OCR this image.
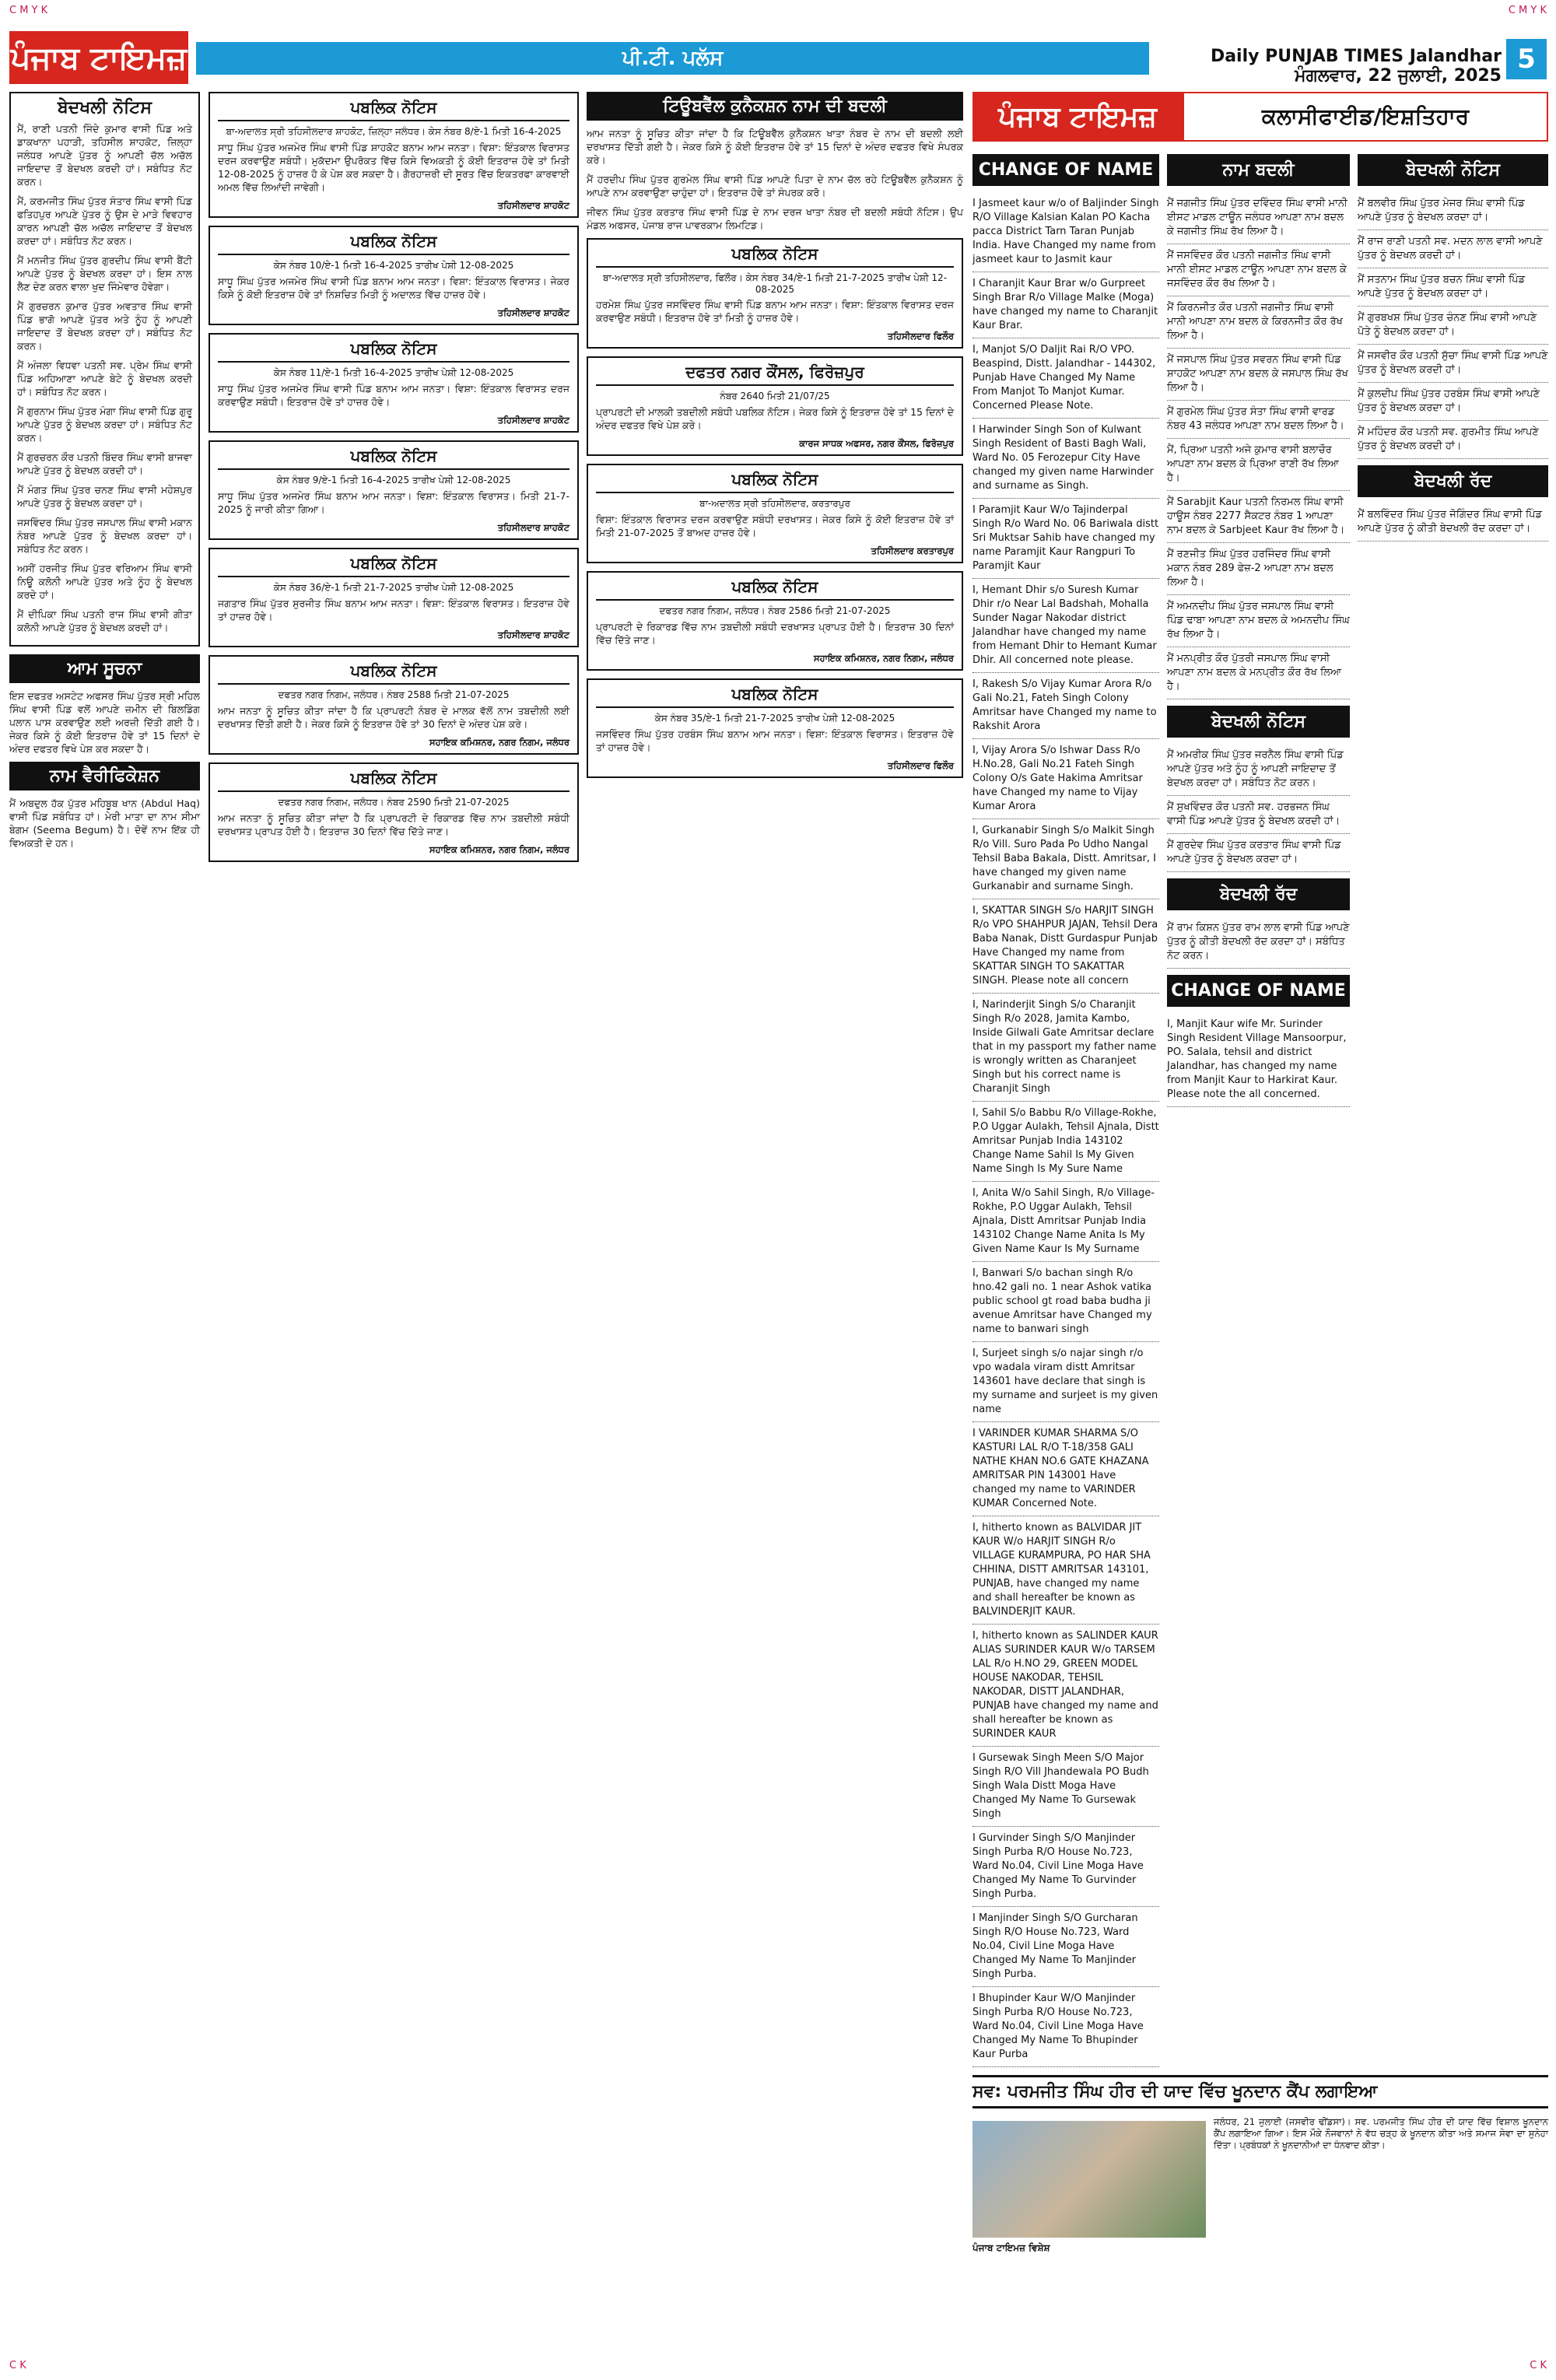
C M Y K	C M Y K
ਪੰਜਾਬ ਟਾਇਮਜ਼	ਪੀ.ਟੀ. ਪਲੱਸ	Daily PUNJAB TIMES Jalandhar ਮੰਗਲਵਾਰ, 22 ਜੁਲਾਈ, 2025
5
ਬੇਦਖਲੀ ਨੋਟਿਸ

ਮੈਂ, ਰਾਣੀ ਪਤਨੀ ਜਿੰਦੇ ਕੁਮਾਰ ਵਾਸੀ ਪਿੰਡ ਅਤੇ ਡਾਕਖਾਨਾ ਪਹਾੜੀ, ਤਹਿਸੀਲ ਸ਼ਾਹਕੋਟ, ਜ਼ਿਲ੍ਹਾ ਜਲੰਧਰ ਆਪਣੇ ਪੁੱਤਰ ਨੂੰ ਆਪਣੀ ਚੱਲ ਅਚੱਲ ਜਾਇਦਾਦ ਤੋਂ ਬੇਦਖਲ ਕਰਦੀ ਹਾਂ। ਸਬੰਧਿਤ ਨੋਟ ਕਰਨ।

ਮੈਂ, ਕਰਮਜੀਤ ਸਿੰਘ ਪੁੱਤਰ ਸੰਤਾਰ ਸਿੰਘ ਵਾਸੀ ਪਿੰਡ ਫਤਿਹਪੁਰ ਆਪਣੇ ਪੁੱਤਰ ਨੂੰ ਉਸ ਦੇ ਮਾੜੇ ਵਿਵਹਾਰ ਕਾਰਨ ਆਪਣੀ ਚੱਲ ਅਚੱਲ ਜਾਇਦਾਦ ਤੋਂ ਬੇਦਖਲ ਕਰਦਾ ਹਾਂ। ਸਬੰਧਿਤ ਨੋਟ ਕਰਨ।

ਮੈਂ ਮਨਜੀਤ ਸਿੰਘ ਪੁੱਤਰ ਗੁਰਦੀਪ ਸਿੰਘ ਵਾਸੀ ਬੈਂਟੀ ਆਪਣੇ ਪੁੱਤਰ ਨੂੰ ਬੇਦਖਲ ਕਰਦਾ ਹਾਂ। ਇਸ ਨਾਲ ਲੈਣ ਦੇਣ ਕਰਨ ਵਾਲਾ ਖੁਦ ਜਿੰਮੇਵਾਰ ਹੋਵੇਗਾ।

ਮੈਂ ਗੁਰਚਰਨ ਕੁਮਾਰ ਪੁੱਤਰ ਅਵਤਾਰ ਸਿੰਘ ਵਾਸੀ ਪਿੰਡ ਭਾਗੋ ਆਪਣੇ ਪੁੱਤਰ ਅਤੇ ਨੂੰਹ ਨੂੰ ਆਪਣੀ ਜਾਇਦਾਦ ਤੋਂ ਬੇਦਖਲ ਕਰਦਾ ਹਾਂ। ਸਬੰਧਿਤ ਨੋਟ ਕਰਨ।

ਮੈਂ ਅੰਜਲਾ ਵਿਧਵਾ ਪਤਨੀ ਸਵ. ਪ੍ਰੇਮ ਸਿੰਘ ਵਾਸੀ ਪਿੰਡ ਅਹਿਆਣਾ ਆਪਣੇ ਬੇਟੇ ਨੂੰ ਬੇਦਖਲ ਕਰਦੀ ਹਾਂ। ਸਬੰਧਿਤ ਨੋਟ ਕਰਨ।

ਮੈਂ ਗੁਰਨਾਮ ਸਿੰਘ ਪੁੱਤਰ ਮੰਗਾ ਸਿੰਘ ਵਾਸੀ ਪਿੰਡ ਗੁਰੂ ਆਪਣੇ ਪੁੱਤਰ ਨੂੰ ਬੇਦਖਲ ਕਰਦਾ ਹਾਂ। ਸਬੰਧਿਤ ਨੋਟ ਕਰਨ।

ਮੈਂ ਗੁਰਚਰਨ ਕੌਰ ਪਤਨੀ ਬਿੰਦਰ ਸਿੰਘ ਵਾਸੀ ਬਾਜਵਾ ਆਪਣੇ ਪੁੱਤਰ ਨੂੰ ਬੇਦਖਲ ਕਰਦੀ ਹਾਂ।

ਮੈਂ ਮੰਗਤ ਸਿੰਘ ਪੁੱਤਰ ਚਨਣ ਸਿੰਘ ਵਾਸੀ ਮਹੇਸ਼ਪੁਰ ਆਪਣੇ ਪੁੱਤਰ ਨੂੰ ਬੇਦਖਲ ਕਰਦਾ ਹਾਂ।

ਜਸਵਿੰਦਰ ਸਿੰਘ ਪੁੱਤਰ ਜਸਪਾਲ ਸਿੰਘ ਵਾਸੀ ਮਕਾਨ ਨੰਬਰ ਆਪਣੇ ਪੁੱਤਰ ਨੂੰ ਬੇਦਖਲ ਕਰਦਾ ਹਾਂ। ਸਬੰਧਿਤ ਨੋਟ ਕਰਨ।

ਅਸੀਂ ਹਰਜੀਤ ਸਿੰਘ ਪੁੱਤਰ ਵਰਿਆਮ ਸਿੰਘ ਵਾਸੀ ਨਿਊ ਕਲੋਨੀ ਆਪਣੇ ਪੁੱਤਰ ਅਤੇ ਨੂੰਹ ਨੂੰ ਬੇਦਖਲ ਕਰਦੇ ਹਾਂ।

ਮੈਂ ਦੀਪਿਕਾ ਸਿੰਘ ਪਤਨੀ ਰਾਜ ਸਿੰਘ ਵਾਸੀ ਗੀਤਾ ਕਲੋਨੀ ਆਪਣੇ ਪੁੱਤਰ ਨੂੰ ਬੇਦਖਲ ਕਰਦੀ ਹਾਂ।

ਆਮ ਸੂਚਨਾ

ਇਸ ਦਫਤਰ ਅਸਟੇਟ ਅਫਸਰ ਸਿੰਘ ਪੁੱਤਰ ਸ੍ਰੀ ਮਹਿਲ ਸਿੰਘ ਵਾਸੀ ਪਿੰਡ ਵਲੋਂ ਆਪਣੇ ਜ਼ਮੀਨ ਦੀ ਬਿਲਡਿੰਗ ਪਲਾਨ ਪਾਸ ਕਰਵਾਉਣ ਲਈ ਅਰਜ਼ੀ ਦਿੱਤੀ ਗਈ ਹੈ। ਜੇਕਰ ਕਿਸੇ ਨੂੰ ਕੋਈ ਇਤਰਾਜ਼ ਹੋਵੇ ਤਾਂ 15 ਦਿਨਾਂ ਦੇ ਅੰਦਰ ਦਫਤਰ ਵਿਖੇ ਪੇਸ਼ ਕਰ ਸਕਦਾ ਹੈ।

ਨਾਮ ਵੈਰੀਫਿਕੇਸ਼ਨ

ਮੈਂ ਅਬਦੁਲ ਹੱਕ ਪੁੱਤਰ ਮਹਿਬੂਬ ਖਾਨ (Abdul Haq) ਵਾਸੀ ਪਿੰਡ ਸਬੰਧਿਤ ਹਾਂ। ਮੇਰੀ ਮਾਤਾ ਦਾ ਨਾਮ ਸੀਮਾ ਬੇਗਮ (Seema Begum) ਹੈ। ਦੋਵੇਂ ਨਾਮ ਇੱਕ ਹੀ ਵਿਅਕਤੀ ਦੇ ਹਨ।

ਪਬਲਿਕ ਨੋਟਿਸ
ਬਾ-ਅਦਾਲਤ ਸ੍ਰੀ ਤਹਿਸੀਲਦਾਰ ਸ਼ਾਹਕੋਟ, ਜ਼ਿਲ੍ਹਾ ਜਲੰਧਰ। ਕੇਸ ਨੰਬਰ 8/ਏ-1 ਮਿਤੀ 16-4-2025

ਸਾਧੂ ਸਿੰਘ ਪੁੱਤਰ ਅਜਮੇਰ ਸਿੰਘ ਵਾਸੀ ਪਿੰਡ ਸ਼ਾਹਕੋਟ ਬਨਾਮ ਆਮ ਜਨਤਾ। ਵਿਸ਼ਾ: ਇੰਤਕਾਲ ਵਿਰਾਸਤ ਦਰਜ ਕਰਵਾਉਣ ਸਬੰਧੀ। ਮੁਕੱਦਮਾ ਉਪਰੋਕਤ ਵਿੱਚ ਕਿਸੇ ਵਿਅਕਤੀ ਨੂੰ ਕੋਈ ਇਤਰਾਜ਼ ਹੋਵੇ ਤਾਂ ਮਿਤੀ 12-08-2025 ਨੂੰ ਹਾਜ਼ਰ ਹੋ ਕੇ ਪੇਸ਼ ਕਰ ਸਕਦਾ ਹੈ। ਗੈਰਹਾਜ਼ਰੀ ਦੀ ਸੂਰਤ ਵਿੱਚ ਇਕਤਰਫਾ ਕਾਰਵਾਈ ਅਮਲ ਵਿੱਚ ਲਿਆਂਦੀ ਜਾਵੇਗੀ।

ਤਹਿਸੀਲਦਾਰ ਸ਼ਾਹਕੋਟ
ਪਬਲਿਕ ਨੋਟਿਸ
ਕੇਸ ਨੰਬਰ 10/ਏ-1 ਮਿਤੀ 16-4-2025 ਤਾਰੀਖ ਪੇਸ਼ੀ 12-08-2025

ਸਾਧੂ ਸਿੰਘ ਪੁੱਤਰ ਅਜਮੇਰ ਸਿੰਘ ਵਾਸੀ ਪਿੰਡ ਬਨਾਮ ਆਮ ਜਨਤਾ। ਵਿਸ਼ਾ: ਇੰਤਕਾਲ ਵਿਰਾਸਤ। ਜੇਕਰ ਕਿਸੇ ਨੂੰ ਕੋਈ ਇਤਰਾਜ਼ ਹੋਵੇ ਤਾਂ ਨਿਸ਼ਚਿਤ ਮਿਤੀ ਨੂੰ ਅਦਾਲਤ ਵਿੱਚ ਹਾਜ਼ਰ ਹੋਵੇ।

ਤਹਿਸੀਲਦਾਰ ਸ਼ਾਹਕੋਟ
ਪਬਲਿਕ ਨੋਟਿਸ
ਕੇਸ ਨੰਬਰ 11/ਏ-1 ਮਿਤੀ 16-4-2025 ਤਾਰੀਖ ਪੇਸ਼ੀ 12-08-2025

ਸਾਧੂ ਸਿੰਘ ਪੁੱਤਰ ਅਜਮੇਰ ਸਿੰਘ ਵਾਸੀ ਪਿੰਡ ਬਨਾਮ ਆਮ ਜਨਤਾ। ਵਿਸ਼ਾ: ਇੰਤਕਾਲ ਵਿਰਾਸਤ ਦਰਜ ਕਰਵਾਉਣ ਸਬੰਧੀ। ਇਤਰਾਜ਼ ਹੋਵੇ ਤਾਂ ਹਾਜ਼ਰ ਹੋਵੇ।

ਤਹਿਸੀਲਦਾਰ ਸ਼ਾਹਕੋਟ
ਪਬਲਿਕ ਨੋਟਿਸ
ਕੇਸ ਨੰਬਰ 9/ਏ-1 ਮਿਤੀ 16-4-2025 ਤਾਰੀਖ ਪੇਸ਼ੀ 12-08-2025

ਸਾਧੂ ਸਿੰਘ ਪੁੱਤਰ ਅਜਮੇਰ ਸਿੰਘ ਬਨਾਮ ਆਮ ਜਨਤਾ। ਵਿਸ਼ਾ: ਇੰਤਕਾਲ ਵਿਰਾਸਤ। ਮਿਤੀ 21-7-2025 ਨੂੰ ਜਾਰੀ ਕੀਤਾ ਗਿਆ।

ਤਹਿਸੀਲਦਾਰ ਸ਼ਾਹਕੋਟ
ਪਬਲਿਕ ਨੋਟਿਸ
ਕੇਸ ਨੰਬਰ 36/ਏ-1 ਮਿਤੀ 21-7-2025 ਤਾਰੀਖ ਪੇਸ਼ੀ 12-08-2025

ਜਗਤਾਰ ਸਿੰਘ ਪੁੱਤਰ ਸੁਰਜੀਤ ਸਿੰਘ ਬਨਾਮ ਆਮ ਜਨਤਾ। ਵਿਸ਼ਾ: ਇੰਤਕਾਲ ਵਿਰਾਸਤ। ਇਤਰਾਜ਼ ਹੋਵੇ ਤਾਂ ਹਾਜ਼ਰ ਹੋਵੇ।

ਤਹਿਸੀਲਦਾਰ ਸ਼ਾਹਕੋਟ
ਪਬਲਿਕ ਨੋਟਿਸ
ਦਫਤਰ ਨਗਰ ਨਿਗਮ, ਜਲੰਧਰ। ਨੰਬਰ 2588 ਮਿਤੀ 21-07-2025

ਆਮ ਜਨਤਾ ਨੂੰ ਸੂਚਿਤ ਕੀਤਾ ਜਾਂਦਾ ਹੈ ਕਿ ਪ੍ਰਾਪਰਟੀ ਨੰਬਰ ਦੇ ਮਾਲਕ ਵੱਲੋਂ ਨਾਮ ਤਬਦੀਲੀ ਲਈ ਦਰਖਾਸਤ ਦਿੱਤੀ ਗਈ ਹੈ। ਜੇਕਰ ਕਿਸੇ ਨੂੰ ਇਤਰਾਜ਼ ਹੋਵੇ ਤਾਂ 30 ਦਿਨਾਂ ਦੇ ਅੰਦਰ ਪੇਸ਼ ਕਰੇ।

ਸਹਾਇਕ ਕਮਿਸ਼ਨਰ, ਨਗਰ ਨਿਗਮ, ਜਲੰਧਰ
ਪਬਲਿਕ ਨੋਟਿਸ
ਦਫਤਰ ਨਗਰ ਨਿਗਮ, ਜਲੰਧਰ। ਨੰਬਰ 2590 ਮਿਤੀ 21-07-2025

ਆਮ ਜਨਤਾ ਨੂੰ ਸੂਚਿਤ ਕੀਤਾ ਜਾਂਦਾ ਹੈ ਕਿ ਪ੍ਰਾਪਰਟੀ ਦੇ ਰਿਕਾਰਡ ਵਿੱਚ ਨਾਮ ਤਬਦੀਲੀ ਸਬੰਧੀ ਦਰਖਾਸਤ ਪ੍ਰਾਪਤ ਹੋਈ ਹੈ। ਇਤਰਾਜ਼ 30 ਦਿਨਾਂ ਵਿੱਚ ਦਿੱਤੇ ਜਾਣ।

ਸਹਾਇਕ ਕਮਿਸ਼ਨਰ, ਨਗਰ ਨਿਗਮ, ਜਲੰਧਰ
ਟਿਊਬਵੈੱਲ ਕੁਨੈਕਸ਼ਨ ਨਾਮ ਦੀ ਬਦਲੀ

ਆਮ ਜਨਤਾ ਨੂੰ ਸੂਚਿਤ ਕੀਤਾ ਜਾਂਦਾ ਹੈ ਕਿ ਟਿਊਬਵੈੱਲ ਕੁਨੈਕਸ਼ਨ ਖਾਤਾ ਨੰਬਰ ਦੇ ਨਾਮ ਦੀ ਬਦਲੀ ਲਈ ਦਰਖਾਸਤ ਦਿੱਤੀ ਗਈ ਹੈ। ਜੇਕਰ ਕਿਸੇ ਨੂੰ ਕੋਈ ਇਤਰਾਜ਼ ਹੋਵੇ ਤਾਂ 15 ਦਿਨਾਂ ਦੇ ਅੰਦਰ ਦਫਤਰ ਵਿਖੇ ਸੰਪਰਕ ਕਰੇ।

ਮੈਂ ਹਰਦੀਪ ਸਿੰਘ ਪੁੱਤਰ ਗੁਰਮੇਲ ਸਿੰਘ ਵਾਸੀ ਪਿੰਡ ਆਪਣੇ ਪਿਤਾ ਦੇ ਨਾਮ ਚੱਲ ਰਹੇ ਟਿਊਬਵੈੱਲ ਕੁਨੈਕਸ਼ਨ ਨੂੰ ਆਪਣੇ ਨਾਮ ਕਰਵਾਉਣਾ ਚਾਹੁੰਦਾ ਹਾਂ। ਇਤਰਾਜ਼ ਹੋਵੇ ਤਾਂ ਸੰਪਰਕ ਕਰੋ।

ਜੀਵਨ ਸਿੰਘ ਪੁੱਤਰ ਕਰਤਾਰ ਸਿੰਘ ਵਾਸੀ ਪਿੰਡ ਦੇ ਨਾਮ ਦਰਜ ਖਾਤਾ ਨੰਬਰ ਦੀ ਬਦਲੀ ਸਬੰਧੀ ਨੋਟਿਸ। ਉਪ ਮੰਡਲ ਅਫਸਰ, ਪੰਜਾਬ ਰਾਜ ਪਾਵਰਕਾਮ ਲਿਮਟਿਡ।

ਪਬਲਿਕ ਨੋਟਿਸ
ਬਾ-ਅਦਾਲਤ ਸ੍ਰੀ ਤਹਿਸੀਲਦਾਰ, ਫਿਲੌਰ। ਕੇਸ ਨੰਬਰ 34/ਏ-1 ਮਿਤੀ 21-7-2025 ਤਾਰੀਖ ਪੇਸ਼ੀ 12-08-2025

ਹਰਮੇਸ਼ ਸਿੰਘ ਪੁੱਤਰ ਜਸਵਿੰਦਰ ਸਿੰਘ ਵਾਸੀ ਪਿੰਡ ਬਨਾਮ ਆਮ ਜਨਤਾ। ਵਿਸ਼ਾ: ਇੰਤਕਾਲ ਵਿਰਾਸਤ ਦਰਜ ਕਰਵਾਉਣ ਸਬੰਧੀ। ਇਤਰਾਜ਼ ਹੋਵੇ ਤਾਂ ਮਿਤੀ ਨੂੰ ਹਾਜ਼ਰ ਹੋਵੇ।

ਤਹਿਸੀਲਦਾਰ ਫਿਲੌਰ
ਦਫਤਰ ਨਗਰ ਕੌਂਸਲ, ਫਿਰੋਜ਼ਪੁਰ
ਨੰਬਰ 2640 ਮਿਤੀ 21/07/25

ਪ੍ਰਾਪਰਟੀ ਦੀ ਮਾਲਕੀ ਤਬਦੀਲੀ ਸਬੰਧੀ ਪਬਲਿਕ ਨੋਟਿਸ। ਜੇਕਰ ਕਿਸੇ ਨੂੰ ਇਤਰਾਜ਼ ਹੋਵੇ ਤਾਂ 15 ਦਿਨਾਂ ਦੇ ਅੰਦਰ ਦਫਤਰ ਵਿਖੇ ਪੇਸ਼ ਕਰੇ।

ਕਾਰਜ ਸਾਧਕ ਅਫਸਰ, ਨਗਰ ਕੌਂਸਲ, ਫਿਰੋਜ਼ਪੁਰ
ਪਬਲਿਕ ਨੋਟਿਸ
ਬਾ-ਅਦਾਲਤ ਸ੍ਰੀ ਤਹਿਸੀਲਦਾਰ, ਕਰਤਾਰਪੁਰ

ਵਿਸ਼ਾ: ਇੰਤਕਾਲ ਵਿਰਾਸਤ ਦਰਜ ਕਰਵਾਉਣ ਸਬੰਧੀ ਦਰਖਾਸਤ। ਜੇਕਰ ਕਿਸੇ ਨੂੰ ਕੋਈ ਇਤਰਾਜ਼ ਹੋਵੇ ਤਾਂ ਮਿਤੀ 21-07-2025 ਤੋਂ ਬਾਅਦ ਹਾਜ਼ਰ ਹੋਵੇ।

ਤਹਿਸੀਲਦਾਰ ਕਰਤਾਰਪੁਰ
ਪਬਲਿਕ ਨੋਟਿਸ
ਦਫਤਰ ਨਗਰ ਨਿਗਮ, ਜਲੰਧਰ। ਨੰਬਰ 2586 ਮਿਤੀ 21-07-2025

ਪ੍ਰਾਪਰਟੀ ਦੇ ਰਿਕਾਰਡ ਵਿੱਚ ਨਾਮ ਤਬਦੀਲੀ ਸਬੰਧੀ ਦਰਖਾਸਤ ਪ੍ਰਾਪਤ ਹੋਈ ਹੈ। ਇਤਰਾਜ਼ 30 ਦਿਨਾਂ ਵਿੱਚ ਦਿੱਤੇ ਜਾਣ।

ਸਹਾਇਕ ਕਮਿਸ਼ਨਰ, ਨਗਰ ਨਿਗਮ, ਜਲੰਧਰ
ਪਬਲਿਕ ਨੋਟਿਸ
ਕੇਸ ਨੰਬਰ 35/ਏ-1 ਮਿਤੀ 21-7-2025 ਤਾਰੀਖ ਪੇਸ਼ੀ 12-08-2025

ਜਸਵਿੰਦਰ ਸਿੰਘ ਪੁੱਤਰ ਹਰਬੰਸ ਸਿੰਘ ਬਨਾਮ ਆਮ ਜਨਤਾ। ਵਿਸ਼ਾ: ਇੰਤਕਾਲ ਵਿਰਾਸਤ। ਇਤਰਾਜ਼ ਹੋਵੇ ਤਾਂ ਹਾਜ਼ਰ ਹੋਵੇ।

ਤਹਿਸੀਲਦਾਰ ਫਿਲੌਰ
ਪੰਜਾਬ ਟਾਇਮਜ਼	ਕਲਾਸੀਫਾਈਡ/ਇਸ਼ਤਿਹਾਰ
CHANGE OF NAME
I Jasmeet kaur w/o of Baljinder Singh R/O Village Kalsian Kalan PO Kacha pacca District Tarn Taran Punjab India. Have Changed my name from jasmeet kaur to Jasmit kaur
I Charanjit Kaur Brar w/o Gurpreet Singh Brar R/o Village Malke (Moga) have changed my name to Charanjit Kaur Brar.
I, Manjot S/O Daljit Rai R/O VPO. Beaspind, Distt. Jalandhar - 144302, Punjab Have Changed My Name From Manjot To Manjot Kumar. Concerned Please Note.
I Harwinder Singh Son of Kulwant Singh Resident of Basti Bagh Wali, Ward No. 05 Ferozepur City Have changed my given name Harwinder and surname as Singh.
I Paramjit Kaur W/o Tajinderpal Singh R/o Ward No. 06 Bariwala distt Sri Muktsar Sahib have changed my name Paramjit Kaur Rangpuri To Paramjit Kaur
I, Hemant Dhir s/o Suresh Kumar Dhir r/o Near Lal Badshah, Mohalla Sunder Nagar Nakodar district Jalandhar have changed my name from Hemant Dhir to Hemant Kumar Dhir. All concerned note please.
I, Rakesh S/o Vijay Kumar Arora R/o Gali No.21, Fateh Singh Colony Amritsar have Changed my name to Rakshit Arora
I, Vijay Arora S/o Ishwar Dass R/o H.No.28, Gali No.21 Fateh Singh Colony O/s Gate Hakima Amritsar have Changed my name to Vijay Kumar Arora
I, Gurkanabir Singh S/o Malkit Singh R/o Vill. Suro Pada Po Udho Nangal Tehsil Baba Bakala, Distt. Amritsar, I have changed my given name Gurkanabir and surname Singh.
I, SKATTAR SINGH S/o HARJIT SINGH R/o VPO SHAHPUR JAJAN, Tehsil Dera Baba Nanak, Distt Gurdaspur Punjab Have Changed my name from SKATTAR SINGH TO SAKATTAR SINGH. Please note all concern
I, Narinderjit Singh S/o Charanjit Singh R/o 2028, Jamita Kambo, Inside Gilwali Gate Amritsar declare that in my passport my father name is wrongly written as Charanjeet Singh but his correct name is Charanjit Singh
I, Sahil S/o Babbu R/o Village-Rokhe, P.O Uggar Aulakh, Tehsil Ajnala, Distt Amritsar Punjab India 143102 Change Name Sahil Is My Given Name Singh Is My Sure Name
I, Anita W/o Sahil Singh, R/o Village-Rokhe, P.O Uggar Aulakh, Tehsil Ajnala, Distt Amritsar Punjab India 143102 Change Name Anita Is My Given Name Kaur Is My Surname
I, Banwari S/o bachan singh R/o hno.42 gali no. 1 near Ashok vatika public school gt road baba budha ji avenue Amritsar have Changed my name to banwari singh
I, Surjeet singh s/o najar singh r/o vpo wadala viram distt Amritsar 143601 have declare that singh is my surname and surjeet is my given name
I VARINDER KUMAR SHARMA S/O KASTURI LAL R/O T-18/358 GALI NATHE KHAN NO.6 GATE KHAZANA AMRITSAR PIN 143001 Have changed my name to VARINDER KUMAR Concerned Note.
I, hitherto known as BALVIDAR JIT KAUR W/o HARJIT SINGH R/o VILLAGE KURAMPURA, PO HAR SHA CHHINA, DISTT AMRITSAR 143101, PUNJAB, have changed my name and shall hereafter be known as BALVINDERJIT KAUR.
I, hitherto known as SALINDER KAUR ALIAS SURINDER KAUR W/o TARSEM LAL R/o H.NO 29, GREEN MODEL HOUSE NAKODAR, TEHSIL NAKODAR, DISTT JALANDHAR, PUNJAB have changed my name and shall hereafter be known as SURINDER KAUR
I Gursewak Singh Meen S/O Major Singh R/O Vill Jhandewala PO Budh Singh Wala Distt Moga Have Changed My Name To Gursewak Singh
I Gurvinder Singh S/O Manjinder Singh Purba R/O House No.723, Ward No.04, Civil Line Moga Have Changed My Name To Gurvinder Singh Purba.
I Manjinder Singh S/O Gurcharan Singh R/O House No.723, Ward No.04, Civil Line Moga Have Changed My Name To Manjinder Singh Purba.
I Bhupinder Kaur W/O Manjinder Singh Purba R/O House No.723, Ward No.04, Civil Line Moga Have Changed My Name To Bhupinder Kaur Purba
ਨਾਮ ਬਦਲੀ
ਮੈਂ ਜਗਜੀਤ ਸਿੰਘ ਪੁੱਤਰ ਦਵਿੰਦਰ ਸਿੰਘ ਵਾਸੀ ਮਾਨੀ ਈਸਟ ਮਾਡਲ ਟਾਊਨ ਜਲੰਧਰ ਆਪਣਾ ਨਾਮ ਬਦਲ ਕੇ ਜਗਜੀਤ ਸਿੰਘ ਰੱਖ ਲਿਆ ਹੈ।
ਮੈਂ ਜਸਵਿੰਦਰ ਕੌਰ ਪਤਨੀ ਜਗਜੀਤ ਸਿੰਘ ਵਾਸੀ ਮਾਨੀ ਈਸਟ ਮਾਡਲ ਟਾਊਨ ਆਪਣਾ ਨਾਮ ਬਦਲ ਕੇ ਜਸਵਿੰਦਰ ਕੌਰ ਰੱਖ ਲਿਆ ਹੈ।
ਮੈਂ ਕਿਰਨਜੀਤ ਕੌਰ ਪਤਨੀ ਜਗਜੀਤ ਸਿੰਘ ਵਾਸੀ ਮਾਨੀ ਆਪਣਾ ਨਾਮ ਬਦਲ ਕੇ ਕਿਰਨਜੀਤ ਕੌਰ ਰੱਖ ਲਿਆ ਹੈ।
ਮੈਂ ਜਸਪਾਲ ਸਿੰਘ ਪੁੱਤਰ ਸਵਰਨ ਸਿੰਘ ਵਾਸੀ ਪਿੰਡ ਸ਼ਾਹਕੋਟ ਆਪਣਾ ਨਾਮ ਬਦਲ ਕੇ ਜਸਪਾਲ ਸਿੰਘ ਰੱਖ ਲਿਆ ਹੈ।
ਮੈਂ ਗੁਰਮੇਲ ਸਿੰਘ ਪੁੱਤਰ ਸੰਤਾ ਸਿੰਘ ਵਾਸੀ ਵਾਰਡ ਨੰਬਰ 43 ਜਲੰਧਰ ਆਪਣਾ ਨਾਮ ਬਦਲ ਲਿਆ ਹੈ।
ਮੈਂ, ਪ੍ਰਿਆ ਪਤਨੀ ਅਜੇ ਕੁਮਾਰ ਵਾਸੀ ਬਲਾਚੌਰ ਆਪਣਾ ਨਾਮ ਬਦਲ ਕੇ ਪ੍ਰਿਆ ਰਾਣੀ ਰੱਖ ਲਿਆ ਹੈ।
ਮੈਂ Sarabjit Kaur ਪਤਨੀ ਨਿਰਮਲ ਸਿੰਘ ਵਾਸੀ ਹਾਊਸ ਨੰਬਰ 2277 ਸੈਕਟਰ ਨੰਬਰ 1 ਆਪਣਾ ਨਾਮ ਬਦਲ ਕੇ Sarbjeet Kaur ਰੱਖ ਲਿਆ ਹੈ।
ਮੈਂ ਰਣਜੀਤ ਸਿੰਘ ਪੁੱਤਰ ਹਰਜਿੰਦਰ ਸਿੰਘ ਵਾਸੀ ਮਕਾਨ ਨੰਬਰ 289 ਫੇਜ਼-2 ਆਪਣਾ ਨਾਮ ਬਦਲ ਲਿਆ ਹੈ।
ਮੈਂ ਅਮਨਦੀਪ ਸਿੰਘ ਪੁੱਤਰ ਜਸਪਾਲ ਸਿੰਘ ਵਾਸੀ ਪਿੰਡ ਢਾਬਾ ਆਪਣਾ ਨਾਮ ਬਦਲ ਕੇ ਅਮਨਦੀਪ ਸਿੰਘ ਰੱਖ ਲਿਆ ਹੈ।
ਮੈਂ ਮਨਪ੍ਰੀਤ ਕੌਰ ਪੁੱਤਰੀ ਜਸਪਾਲ ਸਿੰਘ ਵਾਸੀ ਆਪਣਾ ਨਾਮ ਬਦਲ ਕੇ ਮਨਪ੍ਰੀਤ ਕੌਰ ਰੱਖ ਲਿਆ ਹੈ।
ਬੇਦਖਲੀ ਨੋਟਿਸ
ਮੈਂ ਅਮਰੀਕ ਸਿੰਘ ਪੁੱਤਰ ਜਰਨੈਲ ਸਿੰਘ ਵਾਸੀ ਪਿੰਡ ਆਪਣੇ ਪੁੱਤਰ ਅਤੇ ਨੂੰਹ ਨੂੰ ਆਪਣੀ ਜਾਇਦਾਦ ਤੋਂ ਬੇਦਖਲ ਕਰਦਾ ਹਾਂ। ਸਬੰਧਿਤ ਨੋਟ ਕਰਨ।
ਮੈਂ ਸੁਖਵਿੰਦਰ ਕੌਰ ਪਤਨੀ ਸਵ. ਹਰਭਜਨ ਸਿੰਘ ਵਾਸੀ ਪਿੰਡ ਆਪਣੇ ਪੁੱਤਰ ਨੂੰ ਬੇਦਖਲ ਕਰਦੀ ਹਾਂ।
ਮੈਂ ਗੁਰਦੇਵ ਸਿੰਘ ਪੁੱਤਰ ਕਰਤਾਰ ਸਿੰਘ ਵਾਸੀ ਪਿੰਡ ਆਪਣੇ ਪੁੱਤਰ ਨੂੰ ਬੇਦਖਲ ਕਰਦਾ ਹਾਂ।
ਬੇਦਖਲੀ ਰੱਦ
ਮੈਂ ਰਾਮ ਕਿਸ਼ਨ ਪੁੱਤਰ ਰਾਮ ਲਾਲ ਵਾਸੀ ਪਿੰਡ ਆਪਣੇ ਪੁੱਤਰ ਨੂੰ ਕੀਤੀ ਬੇਦਖਲੀ ਰੱਦ ਕਰਦਾ ਹਾਂ। ਸਬੰਧਿਤ ਨੋਟ ਕਰਨ।
CHANGE OF NAME
I, Manjit Kaur wife Mr. Surinder Singh Resident Village Mansoorpur, PO. Salala, tehsil and district Jalandhar, has changed my name from Manjit Kaur to Harkirat Kaur. Please note the all concerned.
ਬੇਦਖਲੀ ਨੋਟਿਸ
ਮੈਂ ਬਲਵੀਰ ਸਿੰਘ ਪੁੱਤਰ ਮੇਜਰ ਸਿੰਘ ਵਾਸੀ ਪਿੰਡ ਆਪਣੇ ਪੁੱਤਰ ਨੂੰ ਬੇਦਖਲ ਕਰਦਾ ਹਾਂ।
ਮੈਂ ਰਾਜ ਰਾਣੀ ਪਤਨੀ ਸਵ. ਮਦਨ ਲਾਲ ਵਾਸੀ ਆਪਣੇ ਪੁੱਤਰ ਨੂੰ ਬੇਦਖਲ ਕਰਦੀ ਹਾਂ।
ਮੈਂ ਸਤਨਾਮ ਸਿੰਘ ਪੁੱਤਰ ਬਚਨ ਸਿੰਘ ਵਾਸੀ ਪਿੰਡ ਆਪਣੇ ਪੁੱਤਰ ਨੂੰ ਬੇਦਖਲ ਕਰਦਾ ਹਾਂ।
ਮੈਂ ਗੁਰਬਖਸ਼ ਸਿੰਘ ਪੁੱਤਰ ਚੰਨਣ ਸਿੰਘ ਵਾਸੀ ਆਪਣੇ ਪੋਤੇ ਨੂੰ ਬੇਦਖਲ ਕਰਦਾ ਹਾਂ।
ਮੈਂ ਜਸਵੀਰ ਕੌਰ ਪਤਨੀ ਸੁੱਚਾ ਸਿੰਘ ਵਾਸੀ ਪਿੰਡ ਆਪਣੇ ਪੁੱਤਰ ਨੂੰ ਬੇਦਖਲ ਕਰਦੀ ਹਾਂ।
ਮੈਂ ਕੁਲਦੀਪ ਸਿੰਘ ਪੁੱਤਰ ਹਰਬੰਸ ਸਿੰਘ ਵਾਸੀ ਆਪਣੇ ਪੁੱਤਰ ਨੂੰ ਬੇਦਖਲ ਕਰਦਾ ਹਾਂ।
ਮੈਂ ਮਹਿੰਦਰ ਕੌਰ ਪਤਨੀ ਸਵ. ਗੁਰਮੀਤ ਸਿੰਘ ਆਪਣੇ ਪੁੱਤਰ ਨੂੰ ਬੇਦਖਲ ਕਰਦੀ ਹਾਂ।
ਬੇਦਖਲੀ ਰੱਦ
ਮੈਂ ਬਲਵਿੰਦਰ ਸਿੰਘ ਪੁੱਤਰ ਜੋਗਿੰਦਰ ਸਿੰਘ ਵਾਸੀ ਪਿੰਡ ਆਪਣੇ ਪੁੱਤਰ ਨੂੰ ਕੀਤੀ ਬੇਦਖਲੀ ਰੱਦ ਕਰਦਾ ਹਾਂ।
ਸਵ: ਪਰਮਜੀਤ ਸਿੰਘ ਹੀਰ ਦੀ ਯਾਦ ਵਿੱਚ ਖੂਨਦਾਨ ਕੈਂਪ ਲਗਾਇਆ
ਪੰਜਾਬ ਟਾਇਮਜ਼ ਵਿਸ਼ੇਸ਼

ਜਲੰਧਰ, 21 ਜੁਲਾਈ (ਜਸਵੀਰ ਢੀਂਡਸਾ)। ਸਵ. ਪਰਮਜੀਤ ਸਿੰਘ ਹੀਰ ਦੀ ਯਾਦ ਵਿੱਚ ਵਿਸ਼ਾਲ ਖੂਨਦਾਨ ਕੈਂਪ ਲਗਾਇਆ ਗਿਆ। ਇਸ ਮੌਕੇ ਨੌਜਵਾਨਾਂ ਨੇ ਵੱਧ ਚੜ੍ਹ ਕੇ ਖੂਨਦਾਨ ਕੀਤਾ ਅਤੇ ਸਮਾਜ ਸੇਵਾ ਦਾ ਸੁਨੇਹਾ ਦਿੱਤਾ। ਪ੍ਰਬੰਧਕਾਂ ਨੇ ਖੂਨਦਾਨੀਆਂ ਦਾ ਧੰਨਵਾਦ ਕੀਤਾ।

C K	C K
